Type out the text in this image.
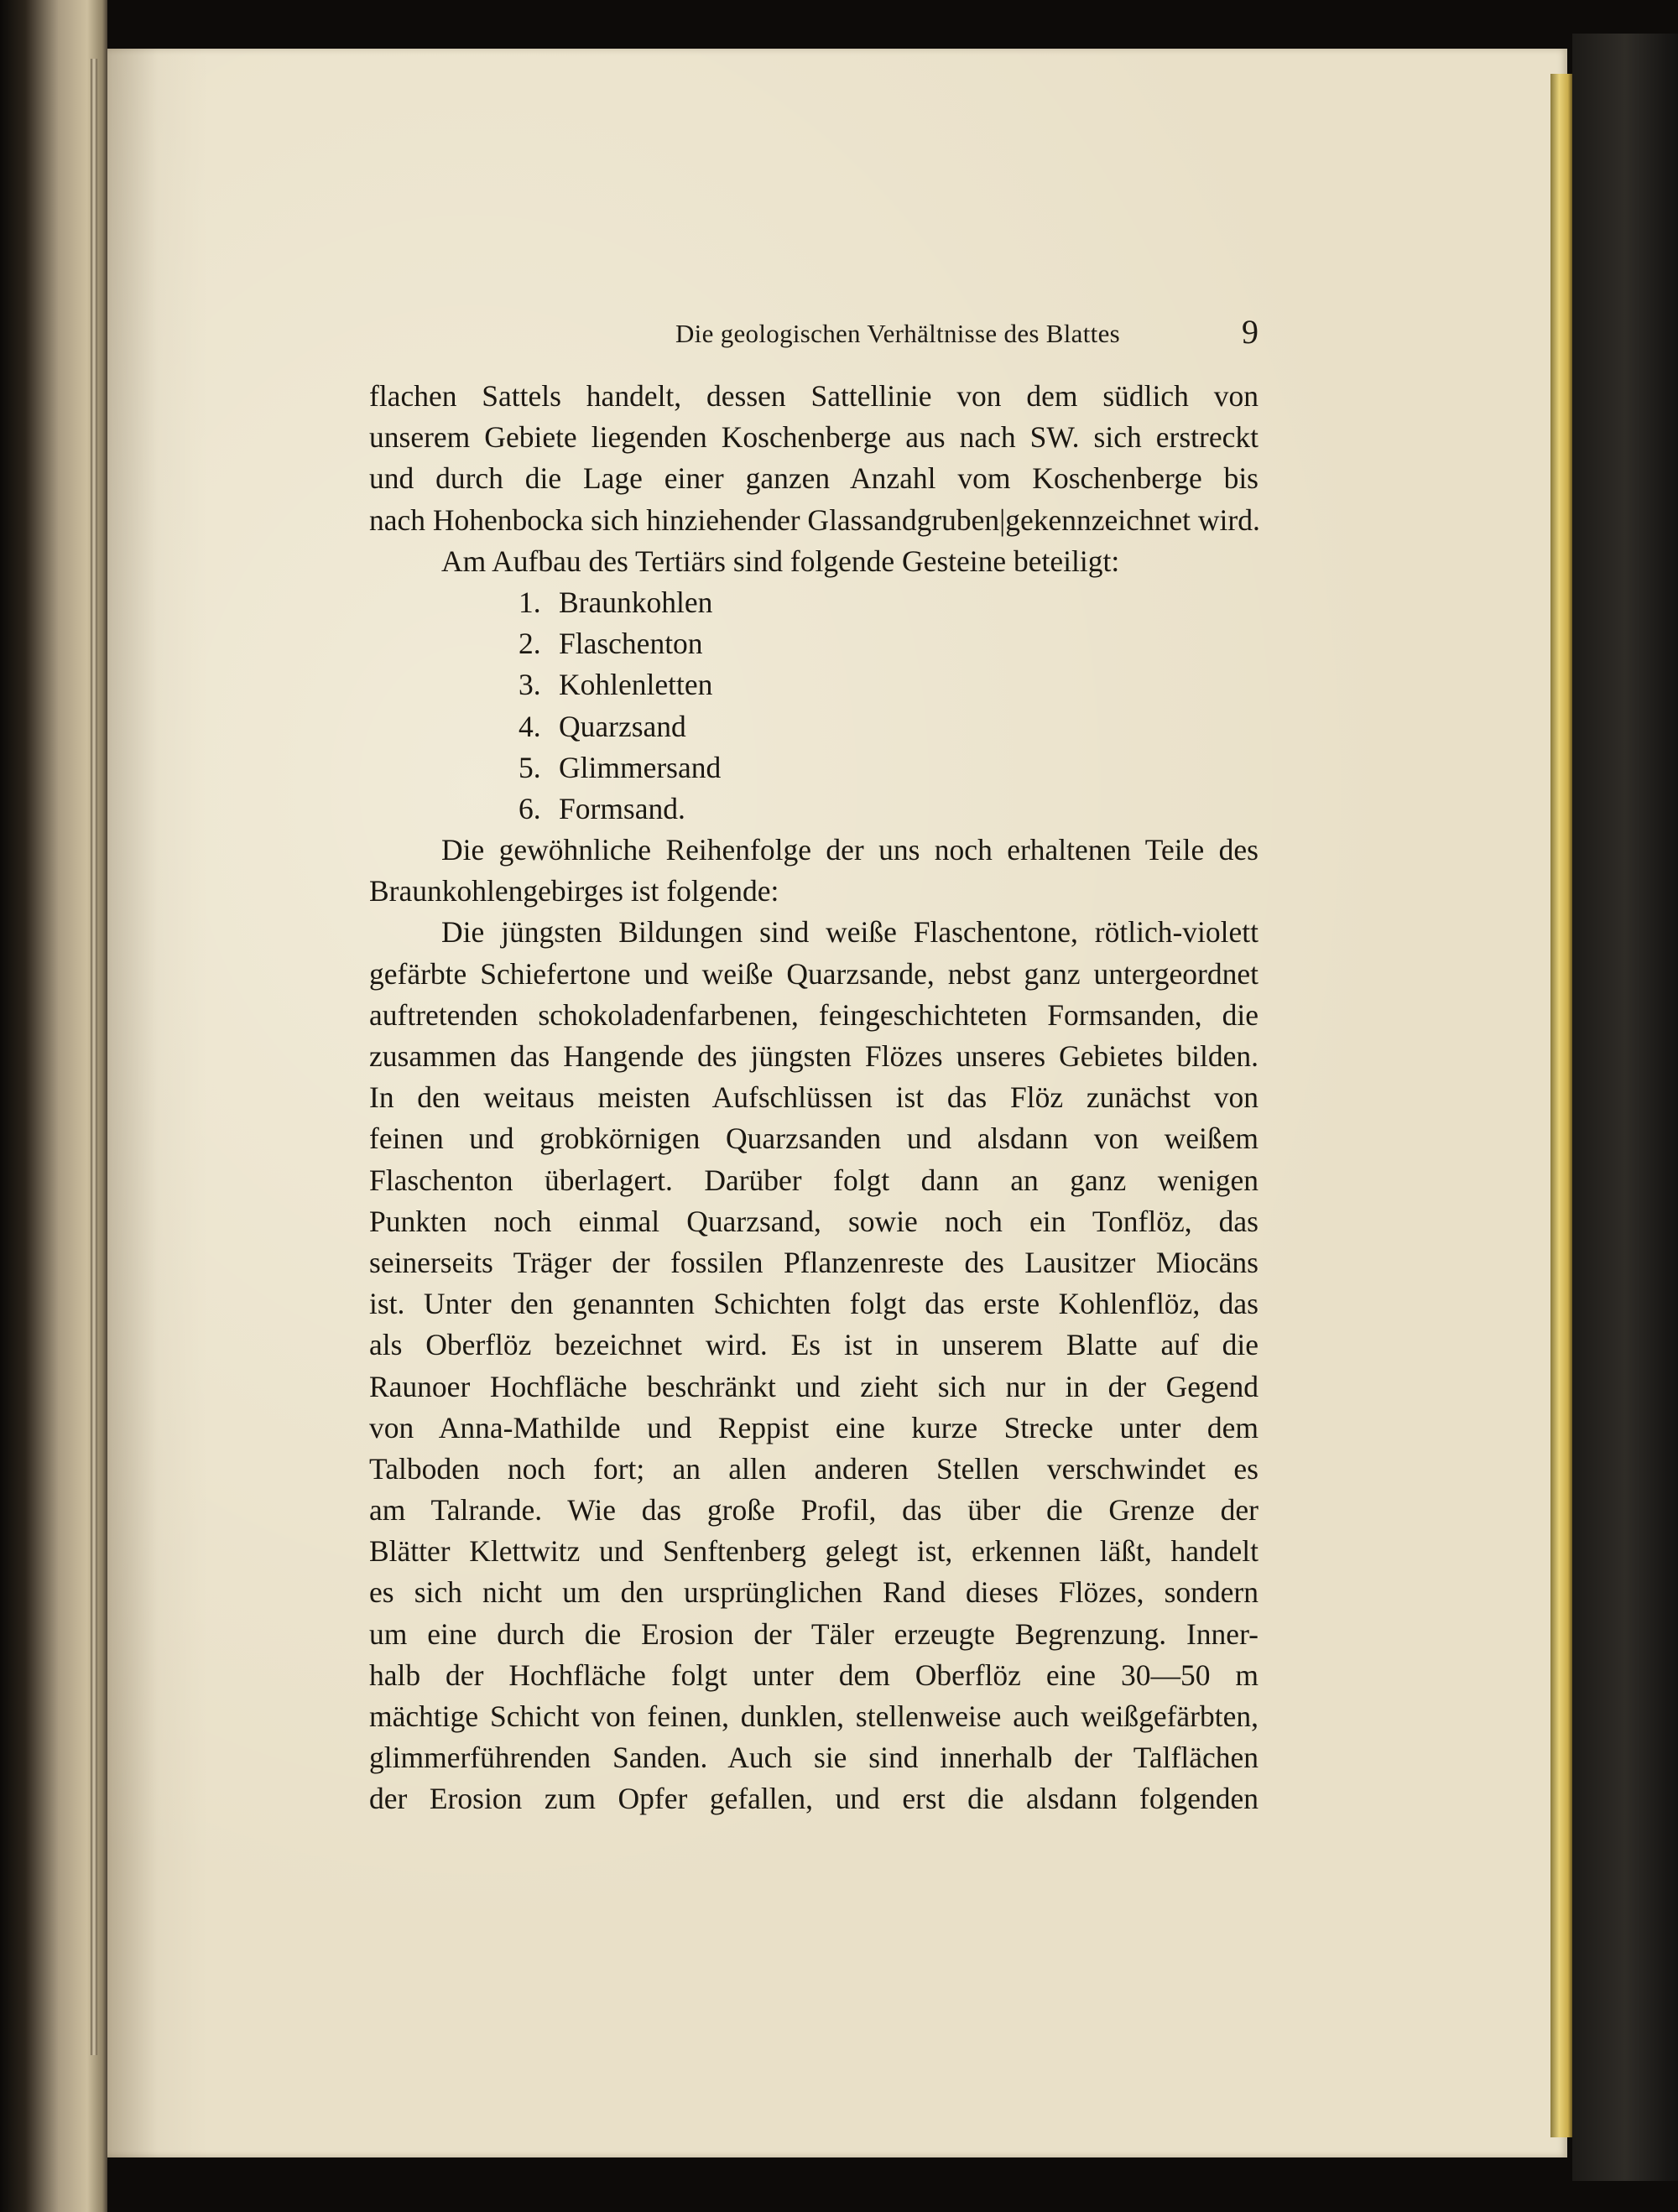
Die geologischen Verhältnisse des Blattes	9
flachen Sattels handelt, dessen Sattellinie von dem südlich von
unserem Gebiete liegenden Koschenberge aus nach SW. sich erstreckt
und durch die Lage einer ganzen Anzahl vom Koschenberge bis
nach Hohenbocka sich hinziehender Glassandgruben|gekennzeichnet wird.
Am Aufbau des Tertiärs sind folgende Gesteine beteiligt:
1. Braunkohlen
2. Flaschenton
3. Kohlenletten
4. Quarzsand
5. Glimmersand
6. Formsand.
Die gewöhnliche Reihenfolge der uns noch erhaltenen Teile des
Braunkohlengebirges ist folgende:
Die jüngsten Bildungen sind weiße Flaschentone, rötlich-violett
gefärbte Schiefertone und weiße Quarzsande, nebst ganz untergeordnet
auftretenden schokoladenfarbenen, feingeschichteten Formsanden, die
zusammen das Hangende des jüngsten Flözes unseres Gebietes bilden.
In den weitaus meisten Aufschlüssen ist das Flöz zunächst von
feinen und grobkörnigen Quarzsanden und alsdann von weißem
Flaschenton überlagert. Darüber folgt dann an ganz wenigen
Punkten noch einmal Quarzsand, sowie noch ein Tonflöz, das
seinerseits Träger der fossilen Pflanzenreste des Lausitzer Miocäns
ist. Unter den genannten Schichten folgt das erste Kohlenflöz, das
als Oberflöz bezeichnet wird. Es ist in unserem Blatte auf die
Raunoer Hochfläche beschränkt und zieht sich nur in der Gegend
von Anna-Mathilde und Reppist eine kurze Strecke unter dem
Talboden noch fort; an allen anderen Stellen verschwindet es
am Talrande. Wie das große Profil, das über die Grenze der
Blätter Klettwitz und Senftenberg gelegt ist, erkennen läßt, handelt
es sich nicht um den ursprünglichen Rand dieses Flözes, sondern
um eine durch die Erosion der Täler erzeugte Begrenzung. Inner-
halb der Hochfläche folgt unter dem Oberflöz eine 30—50 m
mächtige Schicht von feinen, dunklen, stellenweise auch weißgefärbten,
glimmerführenden Sanden. Auch sie sind innerhalb der Talflächen
der Erosion zum Opfer gefallen, und erst die alsdann folgenden
